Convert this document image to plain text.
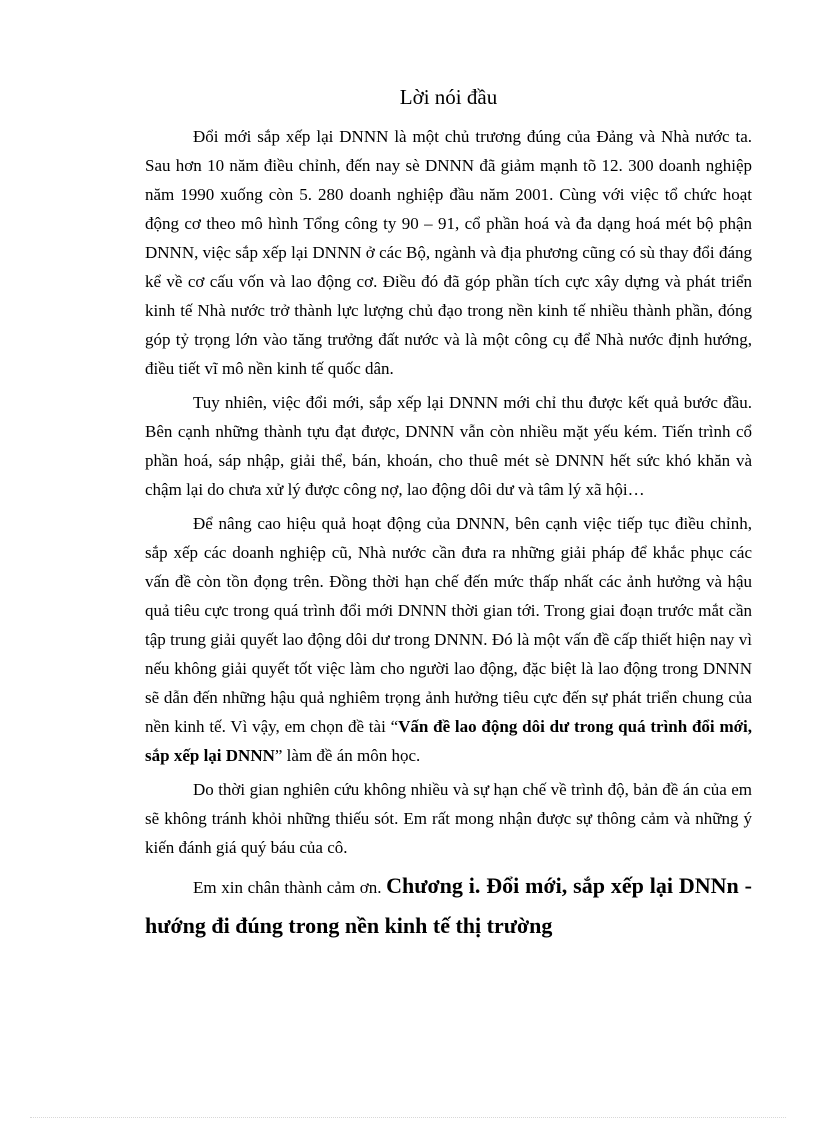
Lời nói đầu

Đổi mới sắp xếp lại DNNN là một chủ trương đúng của Đảng và Nhà nước ta. Sau hơn 10 năm điều chỉnh, đến nay sè DNNN đã giảm mạnh tõ 12. 300 doanh nghiệp năm 1990 xuống còn 5. 280 doanh nghiệp đầu năm 2001. Cùng với việc tổ chức hoạt động cơ theo mô hình Tổng công ty 90 – 91, cổ phần hoá và đa dạng hoá mét bộ phận DNNN, việc sắp xếp lại DNNN ở các Bộ, ngành và địa phương cũng có sù thay đổi đáng kể về cơ cấu vốn và lao động cơ. Điều đó đã góp phần tích cực xây dựng và phát triển kinh tế Nhà nước trở thành lực lượng chủ đạo trong nền kinh tế nhiều thành phần, đóng góp tỷ trọng lớn vào tăng trưởng đất nước và là một công cụ để Nhà nước định hướng, điều tiết vĩ mô nền kinh tế quốc dân.

Tuy nhiên, việc đổi mới, sắp xếp lại DNNN mới chỉ thu được kết quả bước đầu. Bên cạnh những thành tựu đạt được, DNNN vẫn còn nhiều mặt yếu kém. Tiến trình cổ phần hoá, sáp nhập, giải thể, bán, khoán, cho thuê mét sè DNNN hết sức khó khăn và chậm lại do chưa xử lý được công nợ, lao động dôi dư và tâm lý xã hội…

Để nâng cao hiệu quả hoạt động của DNNN, bên cạnh việc tiếp tục điều chỉnh, sắp xếp các doanh nghiệp cũ, Nhà nước cần đưa ra những giải pháp để khắc phục các vấn đề còn tồn đọng trên. Đồng thời hạn chế đến mức thấp nhất các ảnh hưởng và hậu quả tiêu cực trong quá trình đổi mới DNNN thời gian tới. Trong giai đoạn trước mắt cần tập trung giải quyết lao động dôi dư trong DNNN. Đó là một vấn đề cấp thiết hiện nay vì nếu không giải quyết tốt việc làm cho người lao động, đặc biệt là lao động trong DNNN sẽ dẫn đến những hậu quả nghiêm trọng ảnh hưởng tiêu cực đến sự phát triển chung của nền kinh tế. Vì vậy, em chọn đề tài “Vấn đề lao động dôi dư trong quá trình đổi mới, sắp xếp lại DNNN” làm đề án môn học.

Do thời gian nghiên cứu không nhiều và sự hạn chế về trình độ, bản đề án của em sẽ không tránh khỏi những thiếu sót. Em rất mong nhận được sự thông cảm và những ý kiến đánh giá quý báu của cô.

Em xin chân thành cảm ơn. Chương i. Đổi mới, sắp xếp lại DNNn - hướng đi đúng trong nền kinh tế thị trường
